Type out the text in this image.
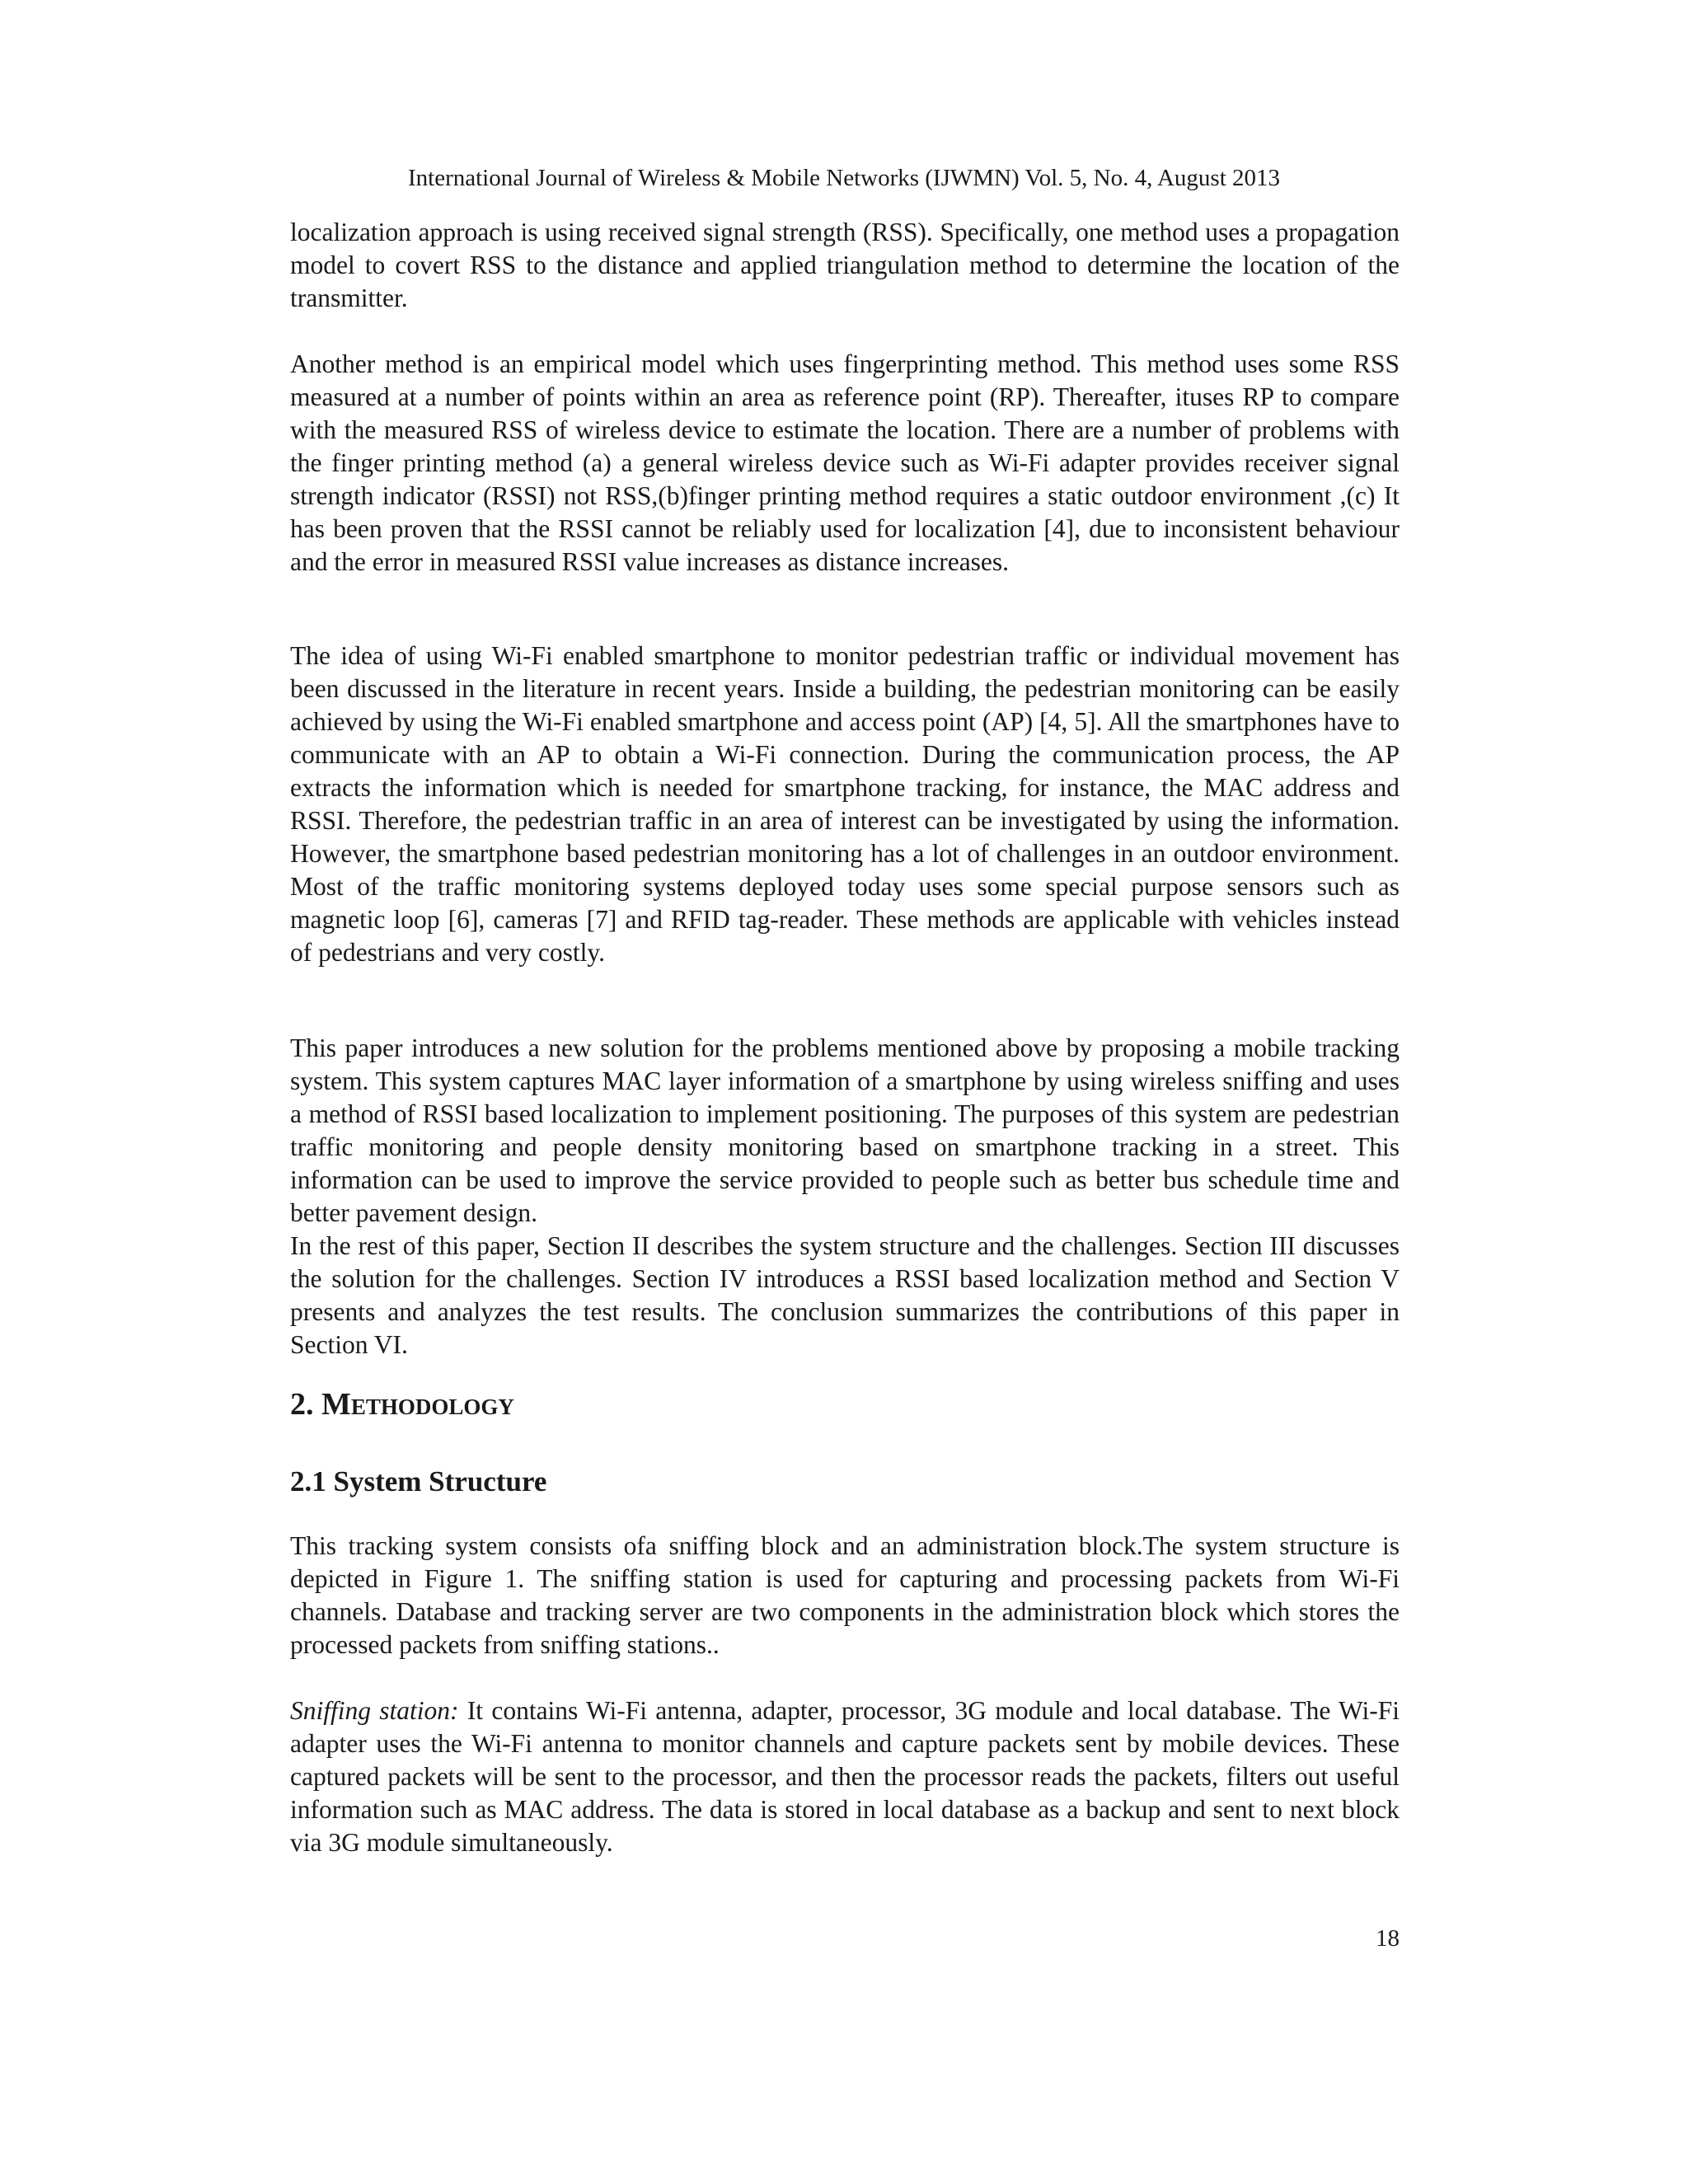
International Journal of Wireless & Mobile Networks (IJWMN) Vol. 5, No. 4, August 2013

localization approach is using received signal strength (RSS). Specifically, one method uses a propagation model to covert RSS to the distance and applied triangulation method to determine the location of the transmitter.

Another method is an empirical model which uses fingerprinting method. This method uses some RSS measured at a number of points within an area as reference point (RP). Thereafter, ituses RP to compare with the measured RSS of wireless device to estimate the location. There are a number of problems with the finger printing method (a) a general wireless device such as Wi-Fi adapter provides receiver signal strength indicator (RSSI) not RSS,(b)finger printing method requires a static outdoor environment ,(c) It has been proven that the RSSI cannot be reliably used for localization [4], due to inconsistent behaviour and the error in measured RSSI value increases as distance increases.

The idea of using Wi-Fi enabled smartphone to monitor pedestrian traffic or individual movement has been discussed in the literature in recent years. Inside a building, the pedestrian monitoring can be easily achieved by using the Wi-Fi enabled smartphone and access point (AP) [4, 5]. All the smartphones have to communicate with an AP to obtain a Wi-Fi connection. During the communication process, the AP extracts the information which is needed for smartphone tracking, for instance, the MAC address and RSSI. Therefore, the pedestrian traffic in an area of interest can be investigated by using the information. However, the smartphone based pedestrian monitoring has a lot of challenges in an outdoor environment. Most of the traffic monitoring systems deployed today uses some special purpose sensors such as magnetic loop [6], cameras [7] and RFID tag-reader. These methods are applicable with vehicles instead of pedestrians and very costly.

This paper introduces a new solution for the problems mentioned above by proposing a mobile tracking system. This system captures MAC layer information of a smartphone by using wireless sniffing and uses a method of RSSI based localization to implement positioning. The purposes of this system are pedestrian traffic monitoring and people density monitoring based on smartphone tracking in a street. This information can be used to improve the service provided to people such as better bus schedule time and better pavement design.

In the rest of this paper, Section II describes the system structure and the challenges. Section III discusses the solution for the challenges. Section IV introduces a RSSI based localization method and Section V presents and analyzes the test results. The conclusion summarizes the contributions of this paper in Section VI.

2. Methodology
2.1 System Structure

This tracking system consists ofa sniffing block and an administration block.The system structure is depicted in Figure 1. The sniffing station is used for capturing and processing packets from Wi-Fi channels. Database and tracking server are two components in the administration block which stores the processed packets from sniffing stations..

Sniffing station: It contains Wi-Fi antenna, adapter, processor, 3G module and local database. The Wi-Fi adapter uses the Wi-Fi antenna to monitor channels and capture packets sent by mobile devices. These captured packets will be sent to the processor, and then the processor reads the packets, filters out useful information such as MAC address. The data is stored in local database as a backup and sent to next block via 3G module simultaneously.

18
